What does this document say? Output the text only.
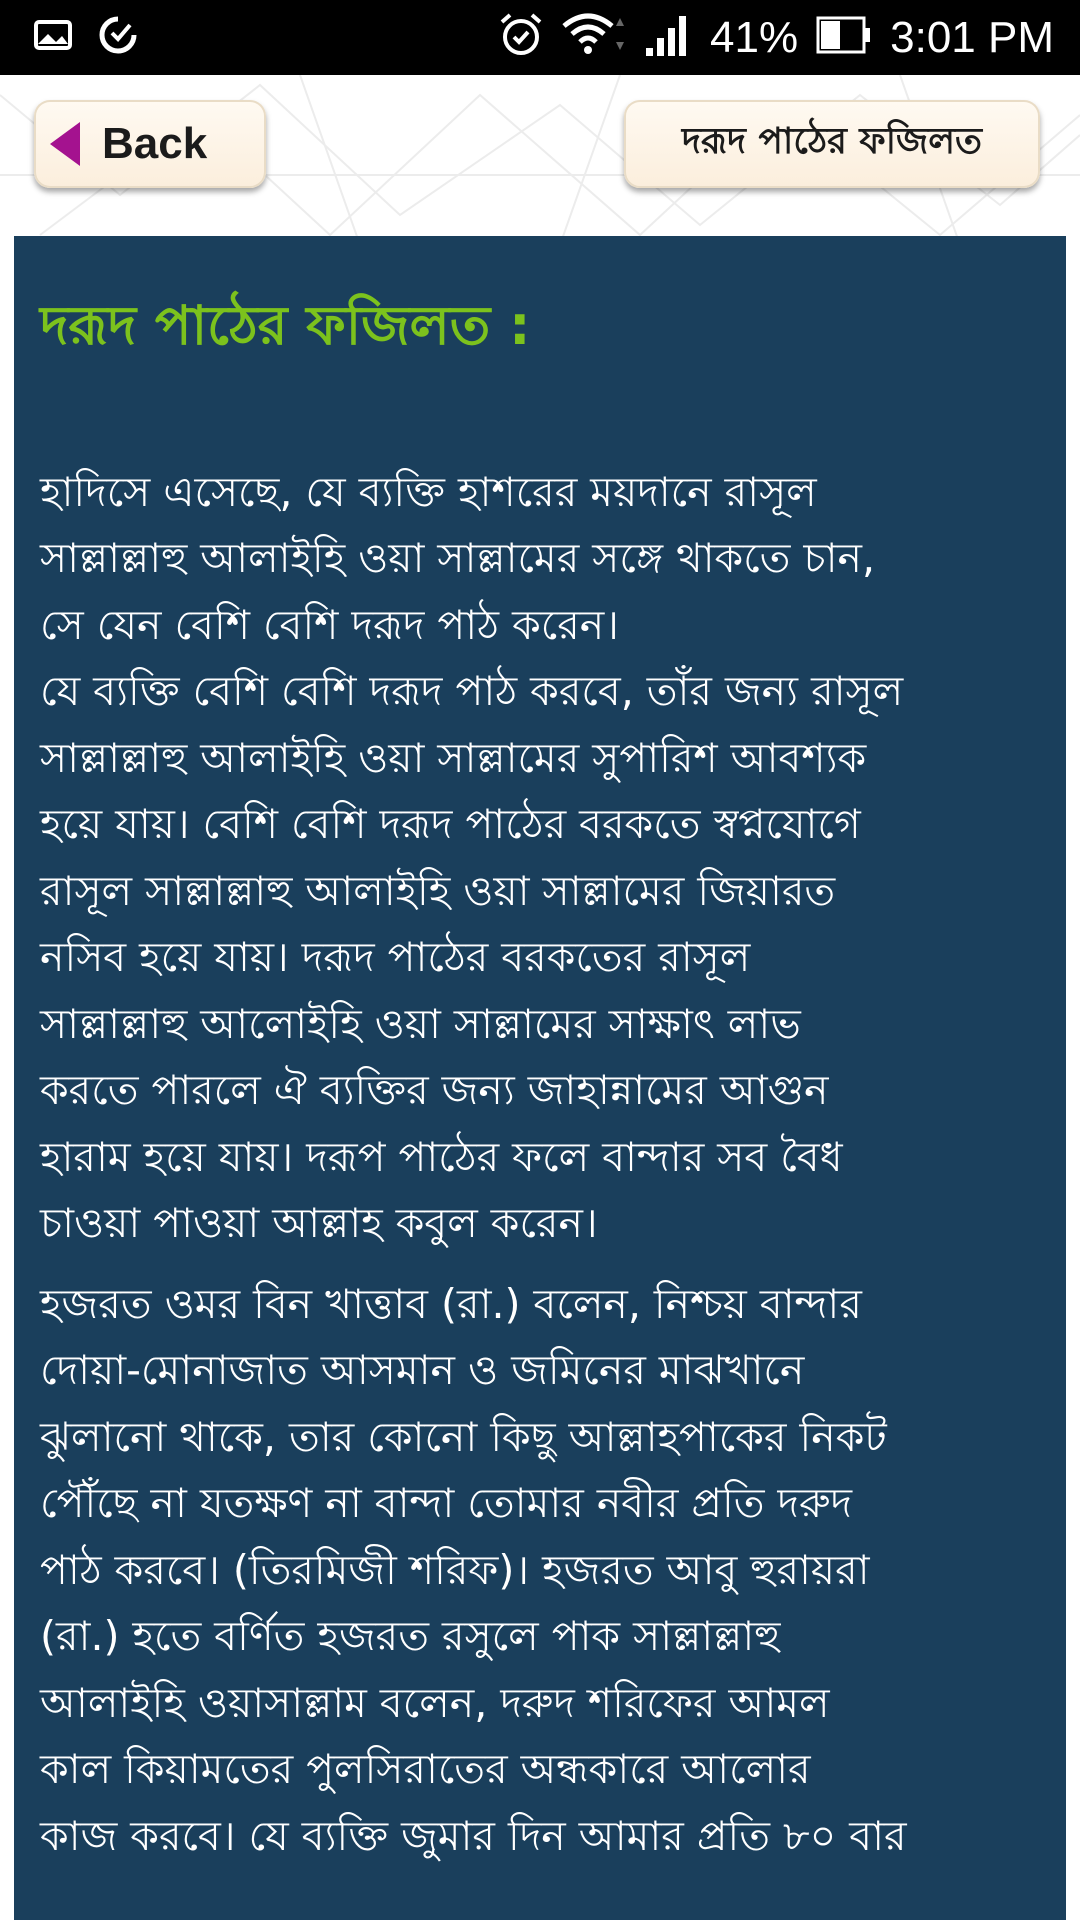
41% 3:01 PM
Back	দরূদ পাঠের ফজিলত
দরূদ পাঠের ফজিলত :

হাদিসে এসেছে, যে ব্যক্তি হাশরের ময়দানে রাসূল
সাল্লাল্লাহু আলাইহি ওয়া সাল্লামের সঙ্গে থাকতে চান,
সে যেন বেশি বেশি দরূদ পাঠ করেন।
যে ব্যক্তি বেশি বেশি দরূদ পাঠ করবে, তাঁর জন্য রাসূল
সাল্লাল্লাহু আলাইহি ওয়া সাল্লামের সুপারিশ আবশ্যক
হয়ে যায়। বেশি বেশি দরূদ পাঠের বরকতে স্বপ্নযোগে
রাসূল সাল্লাল্লাহু আলাইহি ওয়া সাল্লামের জিয়ারত
নসিব হয়ে যায়। দরূদ পাঠের বরকতের রাসূল
সাল্লাল্লাহু আলোইহি ওয়া সাল্লামের সাক্ষাৎ লাভ
করতে পারলে ঐ ব্যক্তির জন্য জাহান্নামের আগুন
হারাম হয়ে যায়। দরূপ পাঠের ফলে বান্দার সব বৈধ
চাওয়া পাওয়া আল্লাহ কবুল করেন।

হজরত ওমর বিন খাত্তাব (রা.) বলেন, নিশ্চয় বান্দার
দোয়া-মোনাজাত আসমান ও জমিনের মাঝখানে
ঝুলানো থাকে, তার কোনো কিছু আল্লাহপাকের নিকট
পৌঁছে না যতক্ষণ না বান্দা তোমার নবীর প্রতি দরুদ
পাঠ করবে। (তিরমিজী শরিফ)। হজরত আবু হুরায়রা
(রা.) হতে বর্ণিত হজরত রসুলে পাক সাল্লাল্লাহু
আলাইহি ওয়াসাল্লাম বলেন, দরুদ শরিফের আমল
কাল কিয়ামতের পুলসিরাতের অন্ধকারে আলোর
কাজ করবে। যে ব্যক্তি জুমার দিন আমার প্রতি ৮০ বার
